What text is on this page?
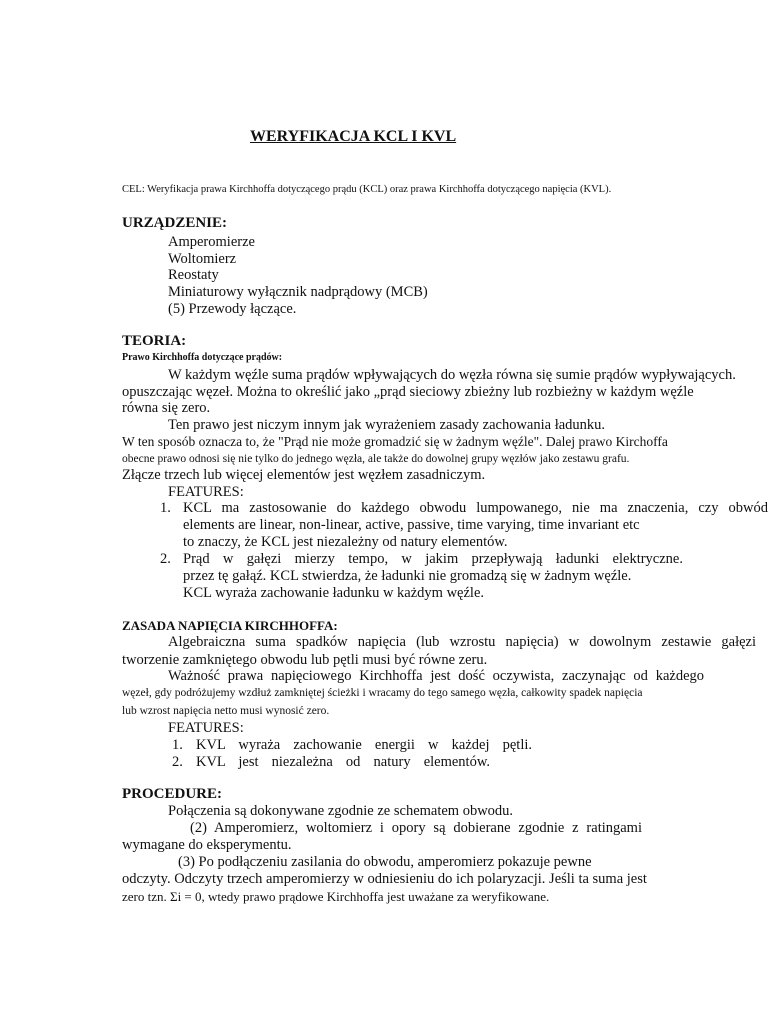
WERYFIKACJA KCL I KVL
CEL: Weryfikacja prawa Kirchhoffa dotyczącego prądu (KCL) oraz prawa Kirchhoffa dotyczącego napięcia (KVL).
URZĄDZENIE:
Amperomierze
Woltomierz
Reostaty
Miniaturowy wyłącznik nadprądowy (MCB)
(5) Przewody łączące.
TEORIA:
Prawo Kirchhoffa dotyczące prądów:
W każdym węźle suma prądów wpływających do węzła równa się sumie prądów wypływających.
opuszczając węzeł. Można to określić jako „prąd sieciowy zbieżny lub rozbieżny w każdym węźle
równa się zero.
Ten prawo jest niczym innym jak wyrażeniem zasady zachowania ładunku.
W ten sposób oznacza to, że "Prąd nie może gromadzić się w żadnym węźle". Dalej prawo Kirchoffa
obecne prawo odnosi się nie tylko do jednego węzła, ale także do dowolnej grupy węzłów jako zestawu grafu.
Złącze trzech lub więcej elementów jest węzłem zasadniczym.
FEATURES:
1. KCL ma zastosowanie do każdego obwodu lumpowanego, nie ma znaczenia, czy obwód
elements are linear, non-linear, active, passive, time varying, time invariant etc
to znaczy, że KCL jest niezależny od natury elementów.
2. Prąd w gałęzi mierzy tempo, w jakim przepływają ładunki elektryczne.
przez tę gałąź. KCL stwierdza, że ładunki nie gromadzą się w żadnym węźle.
KCL wyraża zachowanie ładunku w każdym węźle.
ZASADA NAPIĘCIA KIRCHHOFFA:
Algebraiczna suma spadków napięcia (lub wzrostu napięcia) w dowolnym zestawie gałęzi
tworzenie zamkniętego obwodu lub pętli musi być równe zeru.
Ważność prawa napięciowego Kirchhoffa jest dość oczywista, zaczynając od każdego
węzeł, gdy podróżujemy wzdłuż zamkniętej ścieżki i wracamy do tego samego węzła, całkowity spadek napięcia
lub wzrost napięcia netto musi wynosić zero.
FEATURES:
1. KVL wyraża zachowanie energii w każdej pętli.
2. KVL jest niezależna od natury elementów.
PROCEDURE:
Połączenia są dokonywane zgodnie ze schematem obwodu.
(2) Amperomierz, woltomierz i opory są dobierane zgodnie z ratingami
wymagane do eksperymentu.
(3) Po podłączeniu zasilania do obwodu, amperomierz pokazuje pewne
odczyty. Odczyty trzech amperomierzy w odniesieniu do ich polaryzacji. Jeśli ta suma jest
zero tzn. Σi = 0, wtedy prawo prądowe Kirchhoffa jest uważane za weryfikowane.
